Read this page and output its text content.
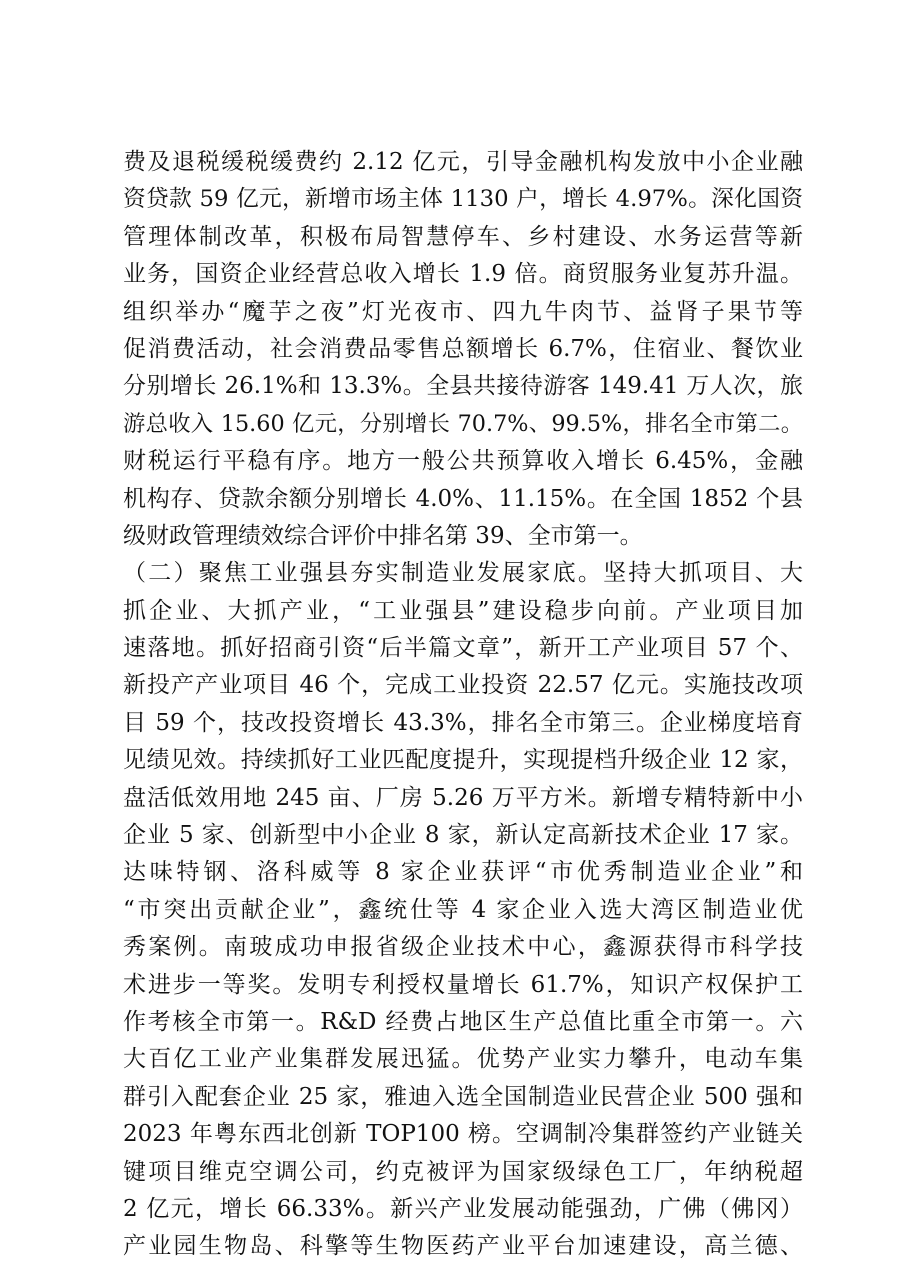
费及退税缓税缓费约 2.12 亿元，引导金融机构发放中小企业融
资贷款 59 亿元，新增市场主体 1130 户，增长 4.97%。深化国资
管理体制改革，积极布局智慧停车、乡村建设、水务运营等新
业务，国资企业经营总收入增长 1.9 倍。商贸服务业复苏升温。
组织举办“魔芋之夜”灯光夜市、四九牛肉节、益肾子果节等
促消费活动，社会消费品零售总额增长 6.7%，住宿业、餐饮业
分别增长 26.1%和 13.3%。全县共接待游客 149.41 万人次，旅
游总收入 15.60 亿元，分别增长 70.7%、99.5%，排名全市第二。
财税运行平稳有序。地方一般公共预算收入增长 6.45%，金融
机构存、贷款余额分别增长 4.0%、11.15%。在全国 1852 个县
级财政管理绩效综合评价中排名第 39、全市第一。
（二）聚焦工业强县夯实制造业发展家底。坚持大抓项目、大
抓企业、大抓产业，“工业强县”建设稳步向前。产业项目加
速落地。抓好招商引资“后半篇文章”，新开工产业项目 57 个、
新投产产业项目 46 个，完成工业投资 22.57 亿元。实施技改项
目 59 个，技改投资增长 43.3%，排名全市第三。企业梯度培育
见绩见效。持续抓好工业匹配度提升，实现提档升级企业 12 家，
盘活低效用地 245 亩、厂房 5.26 万平方米。新增专精特新中小
企业 5 家、创新型中小企业 8 家，新认定高新技术企业 17 家。
达味特钢、洛科威等 8 家企业获评“市优秀制造业企业”和
“市突出贡献企业”，鑫统仕等 4 家企业入选大湾区制造业优
秀案例。南玻成功申报省级企业技术中心，鑫源获得市科学技
术进步一等奖。发明专利授权量增长 61.7%，知识产权保护工
作考核全市第一。R&D 经费占地区生产总值比重全市第一。六
大百亿工业产业集群发展迅猛。优势产业实力攀升，电动车集
群引入配套企业 25 家，雅迪入选全国制造业民营企业 500 强和
2023 年粤东西北创新 TOP100 榜。空调制冷集群签约产业链关
键项目维克空调公司，约克被评为国家级绿色工厂，年纳税超
2 亿元，增长 66.33%。新兴产业发展动能强劲，广佛（佛冈）
产业园生物岛、科擎等生物医药产业平台加速建设，高兰德、
